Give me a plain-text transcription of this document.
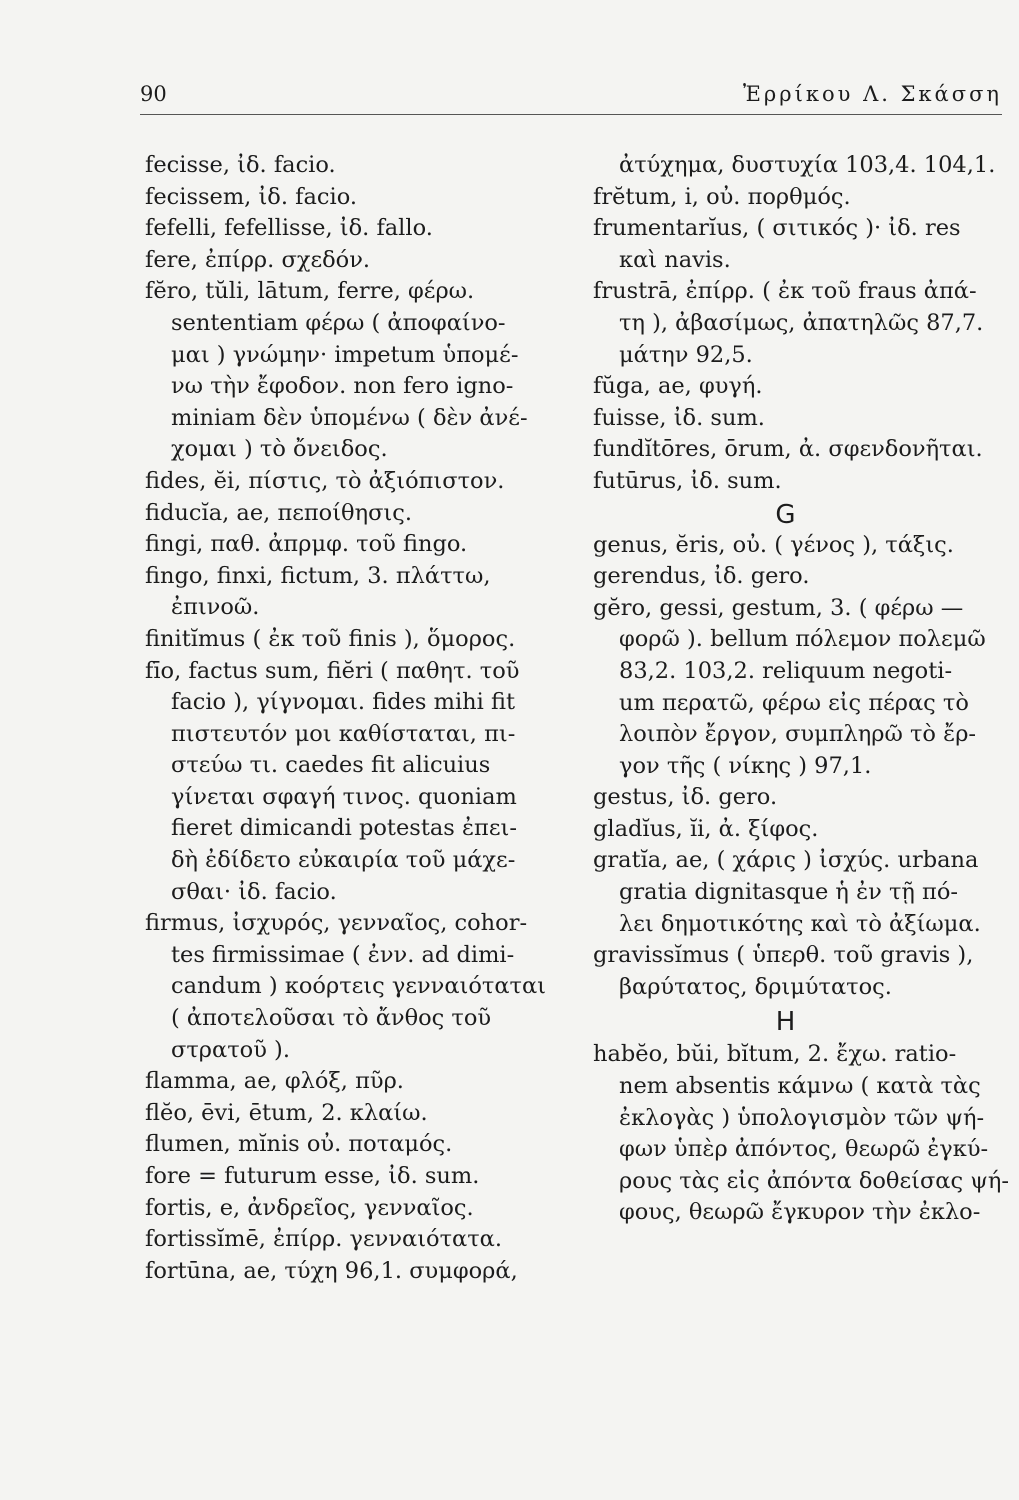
90	Ἐρρίκου Λ. Σκάσση
fecisse, ἰδ. facio.
fecissem, ἰδ. facio.
fefelli, fefellisse, ἰδ. fallo.
fere, ἐπίρρ. σχεδόν.
fĕro, tŭli, lātum, ferre, φέρω.
sententiam φέρω ( ἀποφαίνο-
μαι ) γνώμην· impetum ὑπομέ-
νω τὴν ἔφοδον. non fero igno-
miniam δὲν ὑπομένω ( δὲν ἀνέ-
χομαι ) τὸ ὄνειδος.
fides, ĕi, πίστις, τὸ ἀξιόπιστον.
fiducĭa, ae, πεποίθησις.
fingi, παθ. ἀπρμφ. τοῦ fingo.
fingo, finxi, fictum, 3. πλάττω,
ἐπινοῶ.
finitĭmus ( ἐκ τοῦ finis ), ὅμορος.
fīo, factus sum, fiĕri ( παθητ. τοῦ
facio ), γίγνομαι. fides mihi fit
πιστευτόν μοι καθίσταται, πι-
στεύω τι. caedes fit alicuius
γίνεται σφαγή τινος. quoniam
fieret dimicandi potestas ἐπει-
δὴ ἐδίδετο εὐκαιρία τοῦ μάχε-
σθαι· ἰδ. facio.
firmus, ἰσχυρός, γενναῖος, cohor-
tes firmissimae ( ἐνν. ad dimi-
candum ) κοόρτεις γενναιόταται
( ἀποτελοῦσαι τὸ ἄνθος τοῦ
στρατοῦ ).
flamma, ae, φλόξ, πῦρ.
flĕo, ēvi, ētum, 2. κλαίω.
flumen, mĭnis οὐ. ποταμός.
fore = futurum esse, ἰδ. sum.
fortis, e, ἀνδρεῖος, γενναῖος.
fortissĭmē, ἐπίρρ. γενναιότατα.
fortūna, ae, τύχη 96,1. συμφορά,
ἀτύχημα, δυστυχία 103,4. 104,1.
frĕtum, i, οὐ. πορθμός.
frumentarĭus, ( σιτικός )· ἰδ. res
καὶ navis.
frustrā, ἐπίρρ. ( ἐκ τοῦ fraus ἀπά-
τη ), ἀβασίμως, ἀπατηλῶς 87,7.
μάτην 92,5.
fŭga, ae, φυγή.
fuisse, ἰδ. sum.
fundĭtōres, ōrum, ἀ. σφενδονῆται.
futūrus, ἰδ. sum.
G
genus, ĕris, οὐ. ( γένος ), τάξις.
gerendus, ἰδ. gero.
gĕro, gessi, gestum, 3. ( φέρω —
φορῶ ). bellum πόλεμον πολεμῶ
83,2. 103,2. reliquum negoti-
um περατῶ, φέρω εἰς πέρας τὸ
λοιπὸν ἔργον, συμπληρῶ τὸ ἔρ-
γον τῆς ( νίκης ) 97,1.
gestus, ἰδ. gero.
gladĭus, ĭi, ἀ. ξίφος.
gratĭa, ae, ( χάρις ) ἰσχύς. urbana
gratia dignitasque ἡ ἐν τῇ πό-
λει δημοτικότης καὶ τὸ ἀξίωμα.
gravissĭmus ( ὑπερθ. τοῦ gravis ),
βαρύτατος, δριμύτατος.
H
habĕo, bŭi, bĭtum, 2. ἔχω. ratio-
nem absentis κάμνω ( κατὰ τὰς
ἐκλογὰς ) ὑπολογισμὸν τῶν ψή-
φων ὑπὲρ ἀπόντος, θεωρῶ ἐγκύ-
ρους τὰς εἰς ἀπόντα δοθείσας ψή-
φους, θεωρῶ ἔγκυρον τὴν ἐκλο-
